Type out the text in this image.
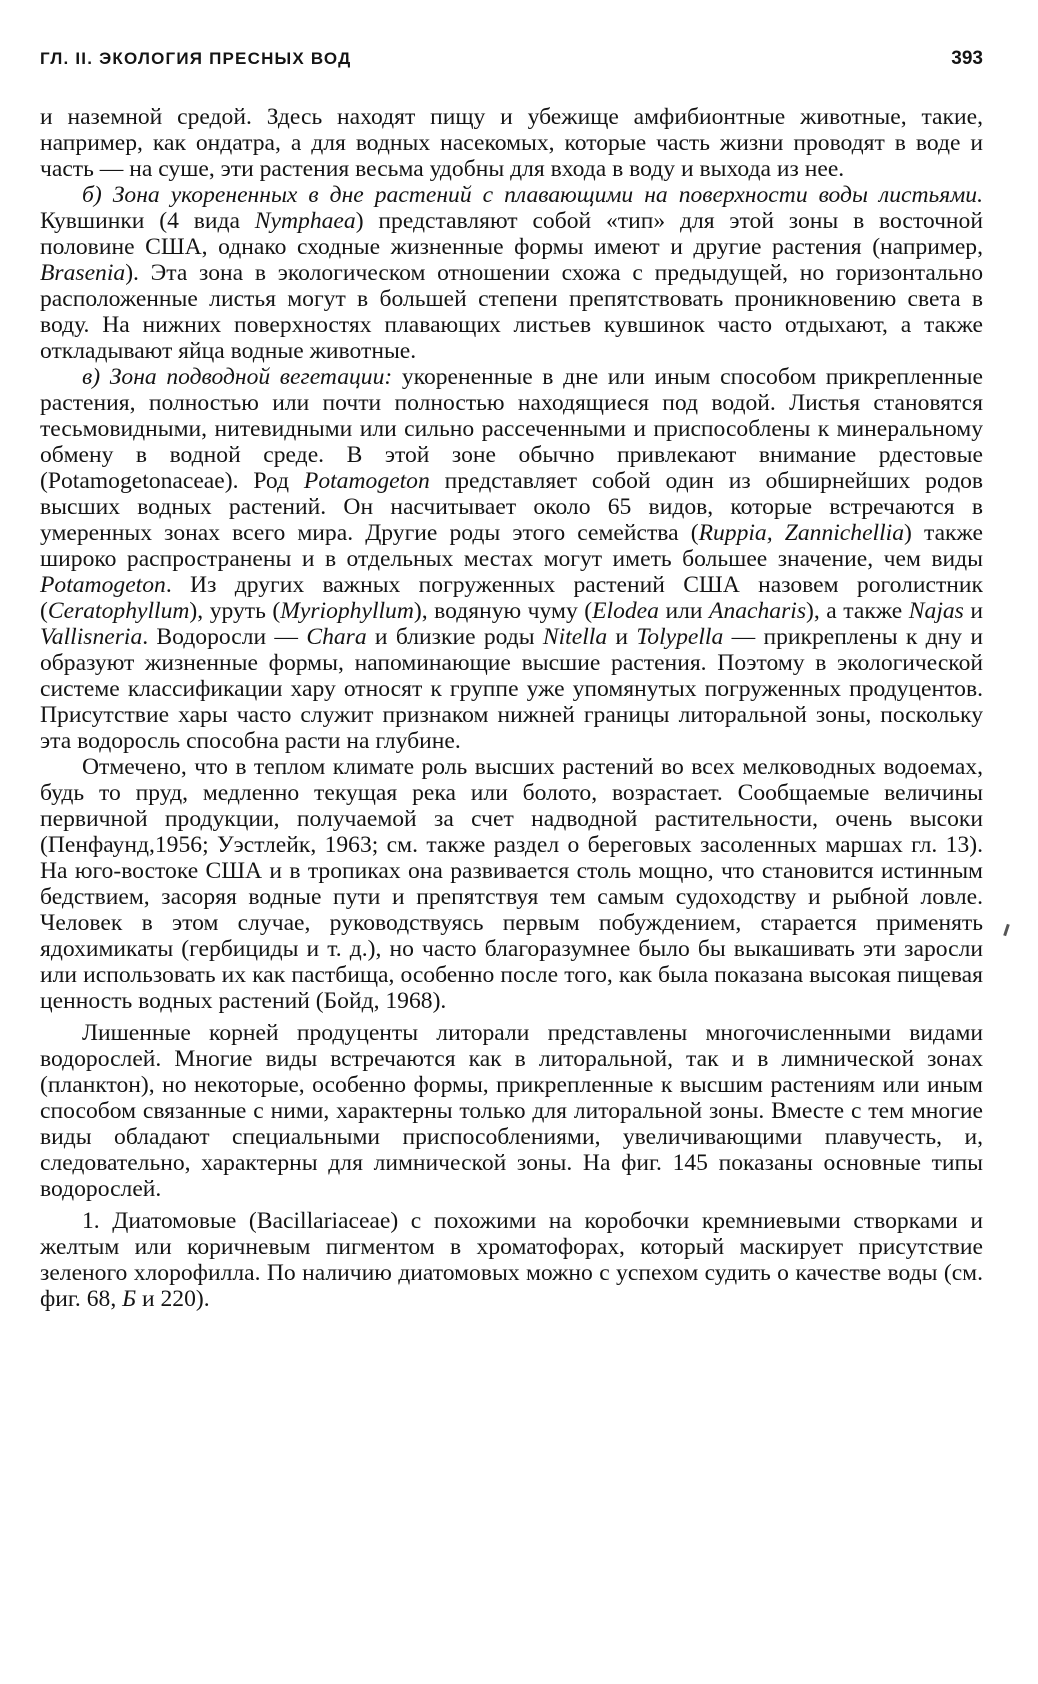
ГЛ. II. ЭКОЛОГИЯ ПРЕСНЫХ ВОД	393

и наземной средой. Здесь находят пищу и убежище амфибионтные животные, такие, например, как ондатра, а для водных насекомых, которые часть жизни проводят в воде и часть — на суше, эти растения весьма удобны для входа в воду и выхода из нее.

б) Зона укорененных в дне растений с плавающими на поверхности воды листьями. Кувшинки (4 вида Nymphaea) представляют собой «тип» для этой зоны в восточной половине США, однако сходные жизненные формы имеют и другие растения (например, Brasenia). Эта зона в экологическом отношении схожа с предыдущей, но горизонтально расположенные листья могут в большей степени препятствовать проникновению света в воду. На нижних поверхностях плавающих листьев кувшинок часто отдыхают, а также откладывают яйца водные животные.

в) Зона подводной вегетации: укорененные в дне или иным способом прикрепленные растения, полностью или почти полностью находящиеся под водой. Листья становятся тесьмовидными, нитевидными или сильно рассеченными и приспособлены к минеральному обмену в водной среде. В этой зоне обычно привлекают внимание рдестовые (Potamogetonaceae). Род Potamogeton представляет собой один из обширнейших родов высших водных растений. Он насчитывает около 65 видов, которые встречаются в умеренных зонах всего мира. Другие роды этого семейства (Ruppia, Zannichellia) также широко распространены и в отдельных местах могут иметь большее значение, чем виды Potamogeton. Из других важных погруженных растений США назовем роголистник (Ceratophyllum), уруть (Myriophyllum), водяную чуму (Elodea или Anacharis), а также Najas и Vallisneria. Водоросли — Chara и близкие роды Nitella и Tolypella — прикреплены к дну и образуют жизненные формы, напоминающие высшие растения. Поэтому в экологической системе классификации хару относят к группе уже упомянутых погруженных продуцентов. Присутствие хары часто служит признаком нижней границы литоральной зоны, поскольку эта водоросль способна расти на глубине.

Отмечено, что в теплом климате роль высших растений во всех мелководных водоемах, будь то пруд, медленно текущая река или болото, возрастает. Сообщаемые величины первичной продукции, получаемой за счет надводной растительности, очень высоки (Пенфаунд,1956; Уэстлейк, 1963; см. также раздел о береговых засоленных маршах гл. 13). На юго-востоке США и в тропиках она развивается столь мощно, что становится истинным бедствием, засоряя водные пути и препятствуя тем самым судоходству и рыбной ловле. Человек в этом случае, руководствуясь первым побуждением, старается применять ядохимикаты (гербициды и т. д.), но часто благоразумнее было бы выкашивать эти заросли или использовать их как пастбища, особенно после того, как была показана высокая пищевая ценность водных растений (Бойд, 1968).

Лишенные корней продуценты литорали представлены многочисленными видами водорослей. Многие виды встречаются как в литоральной, так и в лимнической зонах (планктон), но некоторые, особенно формы, прикрепленные к высшим растениям или иным способом связанные с ними, характерны только для литоральной зоны. Вместе с тем многие виды обладают специальными приспособлениями, увеличивающими плавучесть, и, следовательно, характерны для лимнической зоны. На фиг. 145 показаны основные типы водорослей.

1. Диатомовые (Bacillariaceae) с похожими на коробочки кремниевыми створками и желтым или коричневым пигментом в хроматофорах, который маскирует присутствие зеленого хлорофилла. По наличию диатомовых можно с успехом судить о качестве воды (см. фиг. 68, Б и 220).
